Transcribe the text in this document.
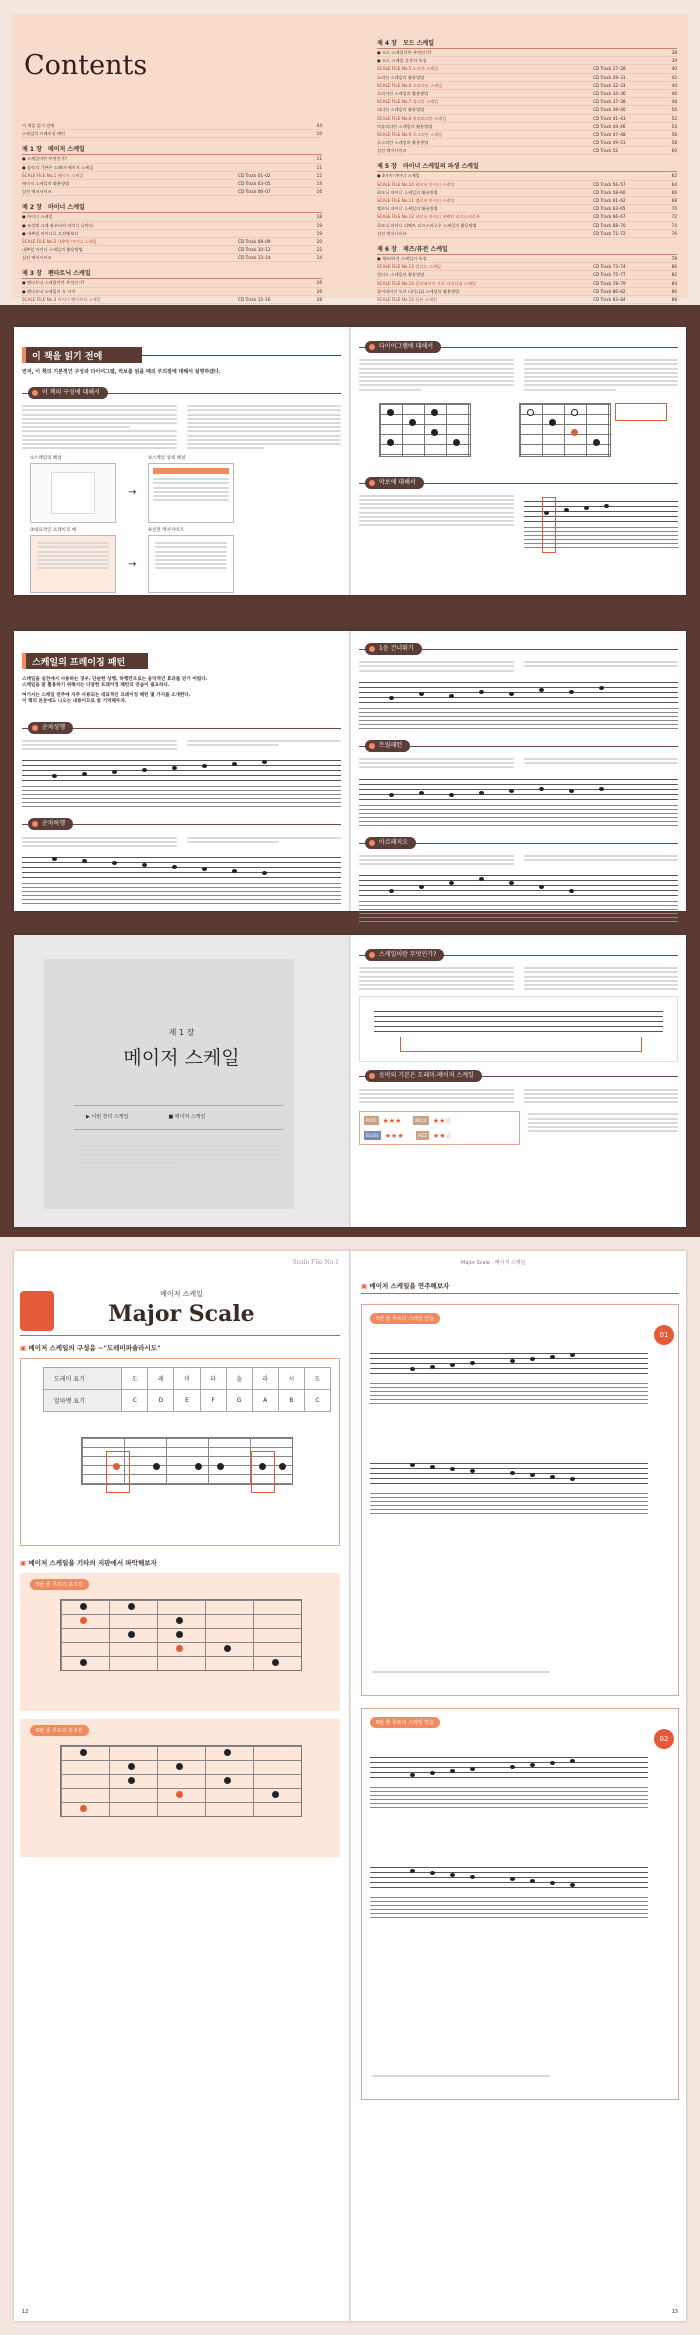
Contents
이 책을 읽기 전에	04
스케일의 프레이징 패턴	10
제 1 장 메이저 스케일
● 스케일이란 무엇인가?	11
● 음악의 기본은 도레미-메이저 스케일	11
SCALE FILE No.1 메이저 스케일	CD Track 01–02	12
메이저 스케일의 활용방법	CD Track 03–05	14
실전 엑서사이즈	CD Track 06–07	16
제 2 장 마이너 스케일
● 마이너 스케일	18
● 조성에 크게 좌우되어 마이너 나란다	19
● 내추럴 마이너로 도전해보자	19
SCALE FILE No.2 내추럴 마이너 스케일	CD Track 08–09	20
내추럴 마이너 스케일의 활용방법	CD Track 10–12	22
실전 엑서사이즈	CD Track 13–14	24
제 3 장 펜타토닉 스케일
● 펜타토닉 스케일이란 무엇인가?	26
● 펜타토닉 스케일의 두 가지	26
SCALE FILE No.3 마이너 펜타토닉 스케일	CD Track 15–16	28
제 4 장 모드 스케일
● 모드 스케일이란 무엇인가?	38
● 모드 스케일 각각의 특징	39
SCALE FILE No.5 도리안 스케일	CD Track 27–28	40
도리안 스케일의 활용방법	CD Track 29–31	42
SCALE FILE No.6 프리지안 스케일	CD Track 32–33	44
프리지안 스케일의 활용방법	CD Track 34–36	46
SCALE FILE No.7 리디안 스케일	CD Track 37–38	48
리디안 스케일의 활용방법	CD Track 39–40	50
SCALE FILE No.8 믹솔리디안 스케일	CD Track 41–43	52
믹솔리디안 스케일의 활용방법	CD Track 44–46	54
SCALE FILE No.9 로크리안 스케일	CD Track 47–48	56
로크리안 스케일의 활용방법	CD Track 49–51	58
실전 엑서사이즈	CD Track 52	60
제 5 장 마이너 스케일의 파생 스케일
● 3가지 마이너 스케일	62
SCALE FILE No.10 하모닉 마이너 스케일	CD Track 56–57	64
하모닉 마이너 스케일의 활용방법	CD Track 58–60	66
SCALE FILE No.11 멜로딕 마이너 스케일	CD Track 61–62	68
멜로딕 마이너 스케일의 활용방법	CD Track 63–65	70
SCALE FILE No.12 하모닉 마이너 퍼펙트 피프스비로우	CD Track 66–67	72
하모닉 마이너 퍼펙트 피프스비로우 스케일의 활용방법	CD Track 68–70	74
실전 엑서사이즈	CD Track 71–72	76
제 6 장 재즈/퓨전 스케일
● 재즈/퓨전 스케일의 특징	78
SCALE FILE No.13 얼터드 스케일	CD Track 73–74	80
얼터드 스케일의 활용방법	CD Track 75–77	82
SCALE FILE No.14 콤비네이션 오브 디미니쉬 스케일	CD Track 78–79	84
콤비네이션 오브 디미니쉬 스케일의 활용방법	CD Track 80–82	86
SCALE FILE No.15 홀톤 스케일	CD Track 83–84	88
이 책을 읽기 전에
먼저, 이 책의 기본적인 구성과 다이어그램, 악보를 읽을 때의 주의점에 대해서 설명하겠다.
이 책의 구성에 대해서
①스케일의 해설
→
②스케일 상세 해설
③대표적인 프레이징 예
→
④실전 엑서사이즈
다이어그램에 대해서
악보에 대해서
스케일의 프레이징 패턴
스케일을 실전에서 사용하는 경우, 단순한 상행, 하행만으로는 음악적인 효과를 얻기 어렵다.
스케일을 잘 활용하기 위해서는 다양한 프레이징 패턴의 연습이 필요하다.
여기서는 스케일 연주에 자주 사용되는 대표적인 프레이징 패턴 몇 가지를 소개한다.
이 책의 본문에도 나오는 내용이므로 잘 기억해두자.
순차상행
순차하행
1음 건너뛰기
트릴패턴
아르페지오
제 1 장
메이저 스케일
▶ 이번 장의 스케일	■ 메이저 스케일
스케일이란 무엇인가?
음악의 기본은 도레미-메이저 스케일
POPS ★★★	ROCK ★★☆
BLUES ★★★	JAZZ ★★☆
Scale File No.1
메이저 스케일
Major Scale
▣ 메이저 스케일의 구성음 ~"도레미파솔라시도"
도레미 표기	도	레	미	파	솔	라	시	도
알파벳 표기	C	D	E	F	G	A	B	C
▣ 메이저 스케일을 기타의 지판에서 파악해보자
5번 줄 루트의 포지션
6번 줄 루트의 포지션
12
Major Scale : 메이저 스케일
▣ 메이저 스케일을 연주해보자
5번 줄 루트의 스케일 연습
01
6번 줄 루트의 스케일 연습
02
13
